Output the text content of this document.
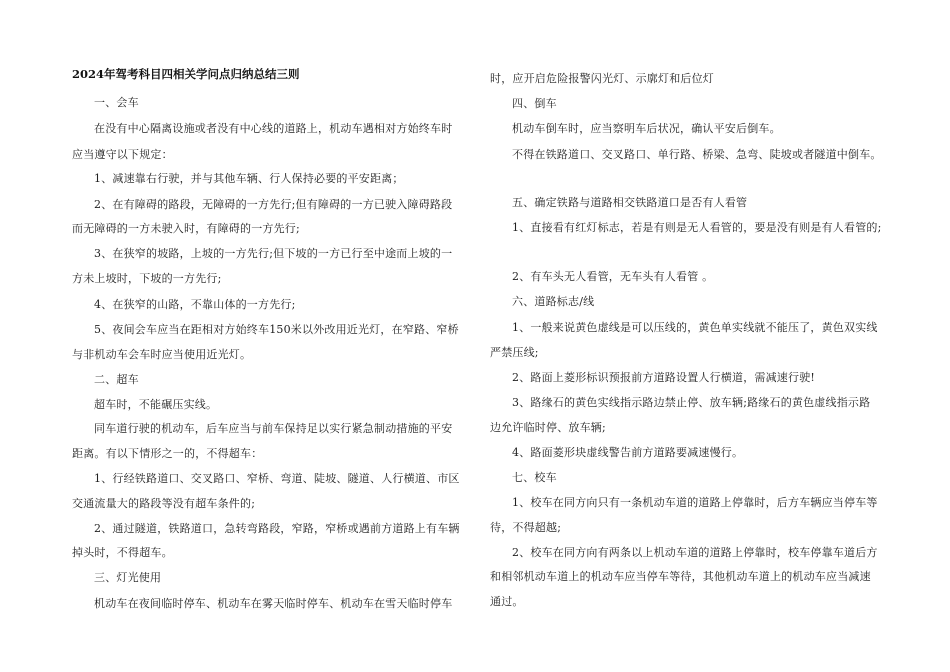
2024年驾考科目四相关学问点归纳总结三则
一、会车
在没有中心隔离设施或者没有中心线的道路上，机动车遇相对方始终车时
应当遵守以下规定：
1、减速靠右行驶，并与其他车辆、行人保持必要的平安距离；
2、在有障碍的路段，无障碍的一方先行;但有障碍的一方已驶入障碍路段
而无障碍的一方未驶入时，有障碍的一方先行;
3、在狭窄的坡路，上坡的一方先行;但下坡的一方已行至中途而上坡的一
方未上坡时，下坡的一方先行;
4、在狭窄的山路，不靠山体的一方先行;
5、夜间会车应当在距相对方始终车150米以外改用近光灯，在窄路、窄桥
与非机动车会车时应当使用近光灯。
二、超车
超车时，不能碾压实线。
同车道行驶的机动车，后车应当与前车保持足以实行紧急制动措施的平安
距离。有以下情形之一的，不得超车：
1、行经铁路道口、交叉路口、窄桥、弯道、陡坡、隧道、人行横道、市区
交通流量大的路段等没有超车条件的;
2、通过隧道，铁路道口，急转弯路段，窄路，窄桥或遇前方道路上有车辆
掉头时，不得超车。
三、灯光使用
机动车在夜间临时停车、机动车在雾天临时停车、机动车在雪天临时停车
时，应开启危险报警闪光灯、示廓灯和后位灯
四、倒车
机动车倒车时，应当察明车后状况，确认平安后倒车。
不得在铁路道口、交叉路口、单行路、桥梁、急弯、陡坡或者隧道中倒车。
五、确定铁路与道路相交铁路道口是否有人看管
1、直接看有红灯标志，若是有则是无人看管的，要是没有则是有人看管的;
2、有车头无人看管，无车头有人看管 。
六、道路标志/线
1、一般来说黄色虚线是可以压线的，黄色单实线就不能压了，黄色双实线
严禁压线;
2、路面上菱形标识预报前方道路设置人行横道，需减速行驶!
3、路缘石的黄色实线指示路边禁止停、放车辆;路缘石的黄色虚线指示路
边允许临时停、放车辆;
4、路面菱形块虚线警告前方道路要减速慢行。
七、校车
1、校车在同方向只有一条机动车道的道路上停靠时，后方车辆应当停车等
待，不得超越;
2、校车在同方向有两条以上机动车道的道路上停靠时，校车停靠车道后方
和相邻机动车道上的机动车应当停车等待，其他机动车道上的机动车应当减速
通过。
